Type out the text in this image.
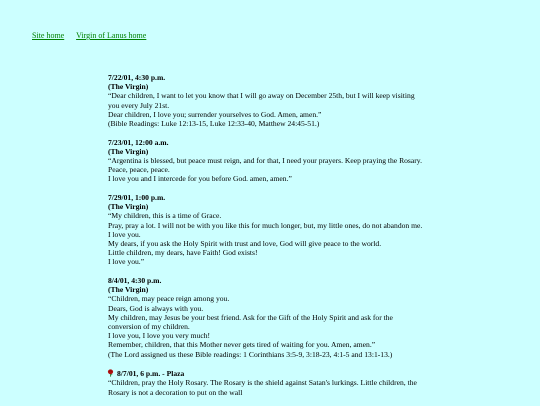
Site home Virgin of Lanus home
7/22/01, 4:30 p.m.
(The Virgin)
“Dear children, I want to let you know that I will go away on December 25th, but I will keep visiting you every July 21st.
Dear children, I love you; surrender yourselves to God. Amen, amen.”
(Bible Readings: Luke 12:13-15, Luke 12:33-40, Matthew 24:45-51.)
7/23/01, 12:00 a.m.
(The Virgin)
“Argentina is blessed, but peace must reign, and for that, I need your prayers. Keep praying the Rosary. Peace, peace, peace.
I love you and I intercede for you before God. amen, amen.”
7/29/01, 1:00 p.m.
(The Virgin)
“My children, this is a time of Grace.
Pray, pray a lot. I will not be with you like this for much longer, but, my little ones, do not abandon me. I love you.
My dears, if you ask the Holy Spirit with trust and love, God will give peace to the world.
Little children, my dears, have Faith! God exists!
I love you.”
8/4/01, 4:30 p.m.
(The Virgin)
“Children, may peace reign among you.
Dears, God is always with you.
My children, may Jesus be your best friend. Ask for the Gift of the Holy Spirit and ask for the conversion of my children.
I love you, I love you very much!
Remember, children, that this Mother never gets tired of waiting for you. Amen, amen.”
(The Lord assigned us these Bible readings: 1 Corinthians 3:5-9, 3:18-23, 4:1-5 and 13:1-13.)
8/7/01, 6 p.m. - Plaza
“Children, pray the Holy Rosary. The Rosary is the shield against Satan's lurkings. Little children, the Rosary is not a decoration to put on the wall
